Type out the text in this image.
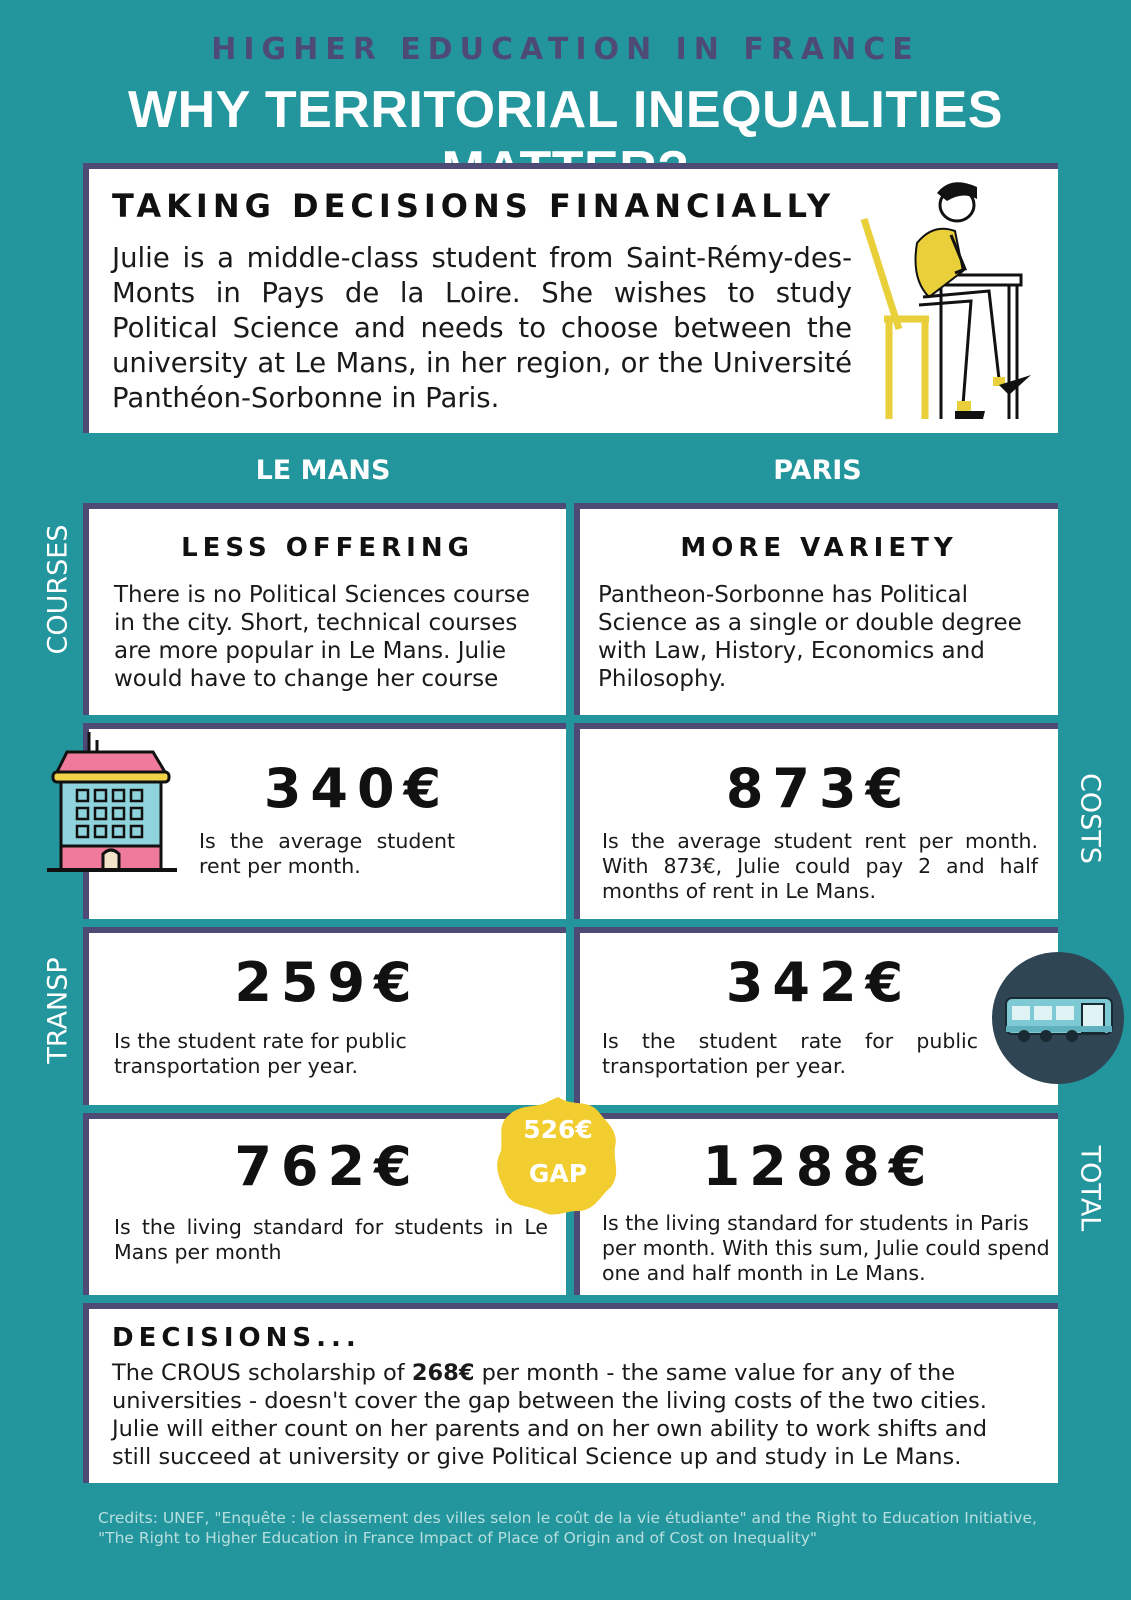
HIGHER EDUCATION IN FRANCE
WHY TERRITORIAL INEQUALITIES
TAKING DECISIONS FINANCIALLY
Julie is a middle-class student from Saint-Rémy-des-Monts in Pays de la Loire. She wishes to study Political Science and needs to choose between the university at Le Mans, in her region, or the Université Panthéon-Sorbonne in Paris.
LE MANS	PARIS
COURSES
COSTS
TRANSP
TOTAL
LESS OFFERING
There is no Political Sciences course in the city. Short, technical courses are more popular in Le Mans. Julie would have to change her course
MORE VARIETY
Pantheon-Sorbonne has Political Science as a single or double degree with Law, History, Economics and Philosophy.
340€
Is the average student rent per month.
873€
Is the average student rent per month. With 873€, Julie could pay 2 and half months of rent in Le Mans.
259€
Is the student rate for public transportation per year.
342€
Is the student rate for public transportation per year.
762€
Is the living standard for students in Le Mans per month
1288€
Is the living standard for students in Paris per month. With this sum, Julie could spend one and half month in Le Mans.
526€
GAP
DECISIONS...
The CROUS scholarship of 268€ per month - the same value for any of the universities - doesn't cover the gap between the living costs of the two cities. Julie will either count on her parents and on her own ability to work shifts and still succeed at university or give Political Science up and study in Le Mans.
Credits: UNEF, "Enquête : le classement des villes selon le coût de la vie étudiante" and the Right to Education Initiative, "The Right to Higher Education in France Impact of Place of Origin and of Cost on Inequality"
